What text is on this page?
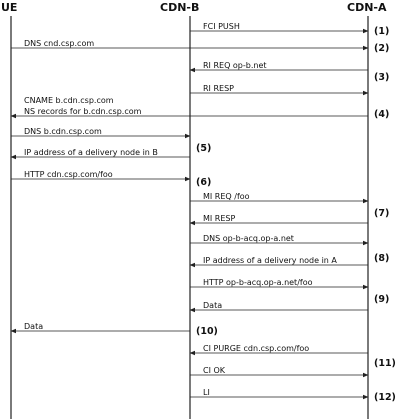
UE	CDN-B	CDN-A
FCI PUSH
DNS cnd.csp.com
RI REQ op-b.net
RI RESP
CNAME b.cdn.csp.com
NS records for b.cdn.csp.com
DNS b.cdn.csp.com
IP address of a delivery node in B
HTTP cdn.csp.com/foo
MI REQ /foo
MI RESP
DNS op-b-acq.op-a.net
IP address of a delivery node in A
HTTP op-b-acq.op-a.net/foo
Data
Data
CI PURGE cdn.csp.com/foo
CI OK
LI
(1)
(2)
(3)
(4)
(5)
(6)
(7)
(8)
(9)
(10)
(11)
(12)
